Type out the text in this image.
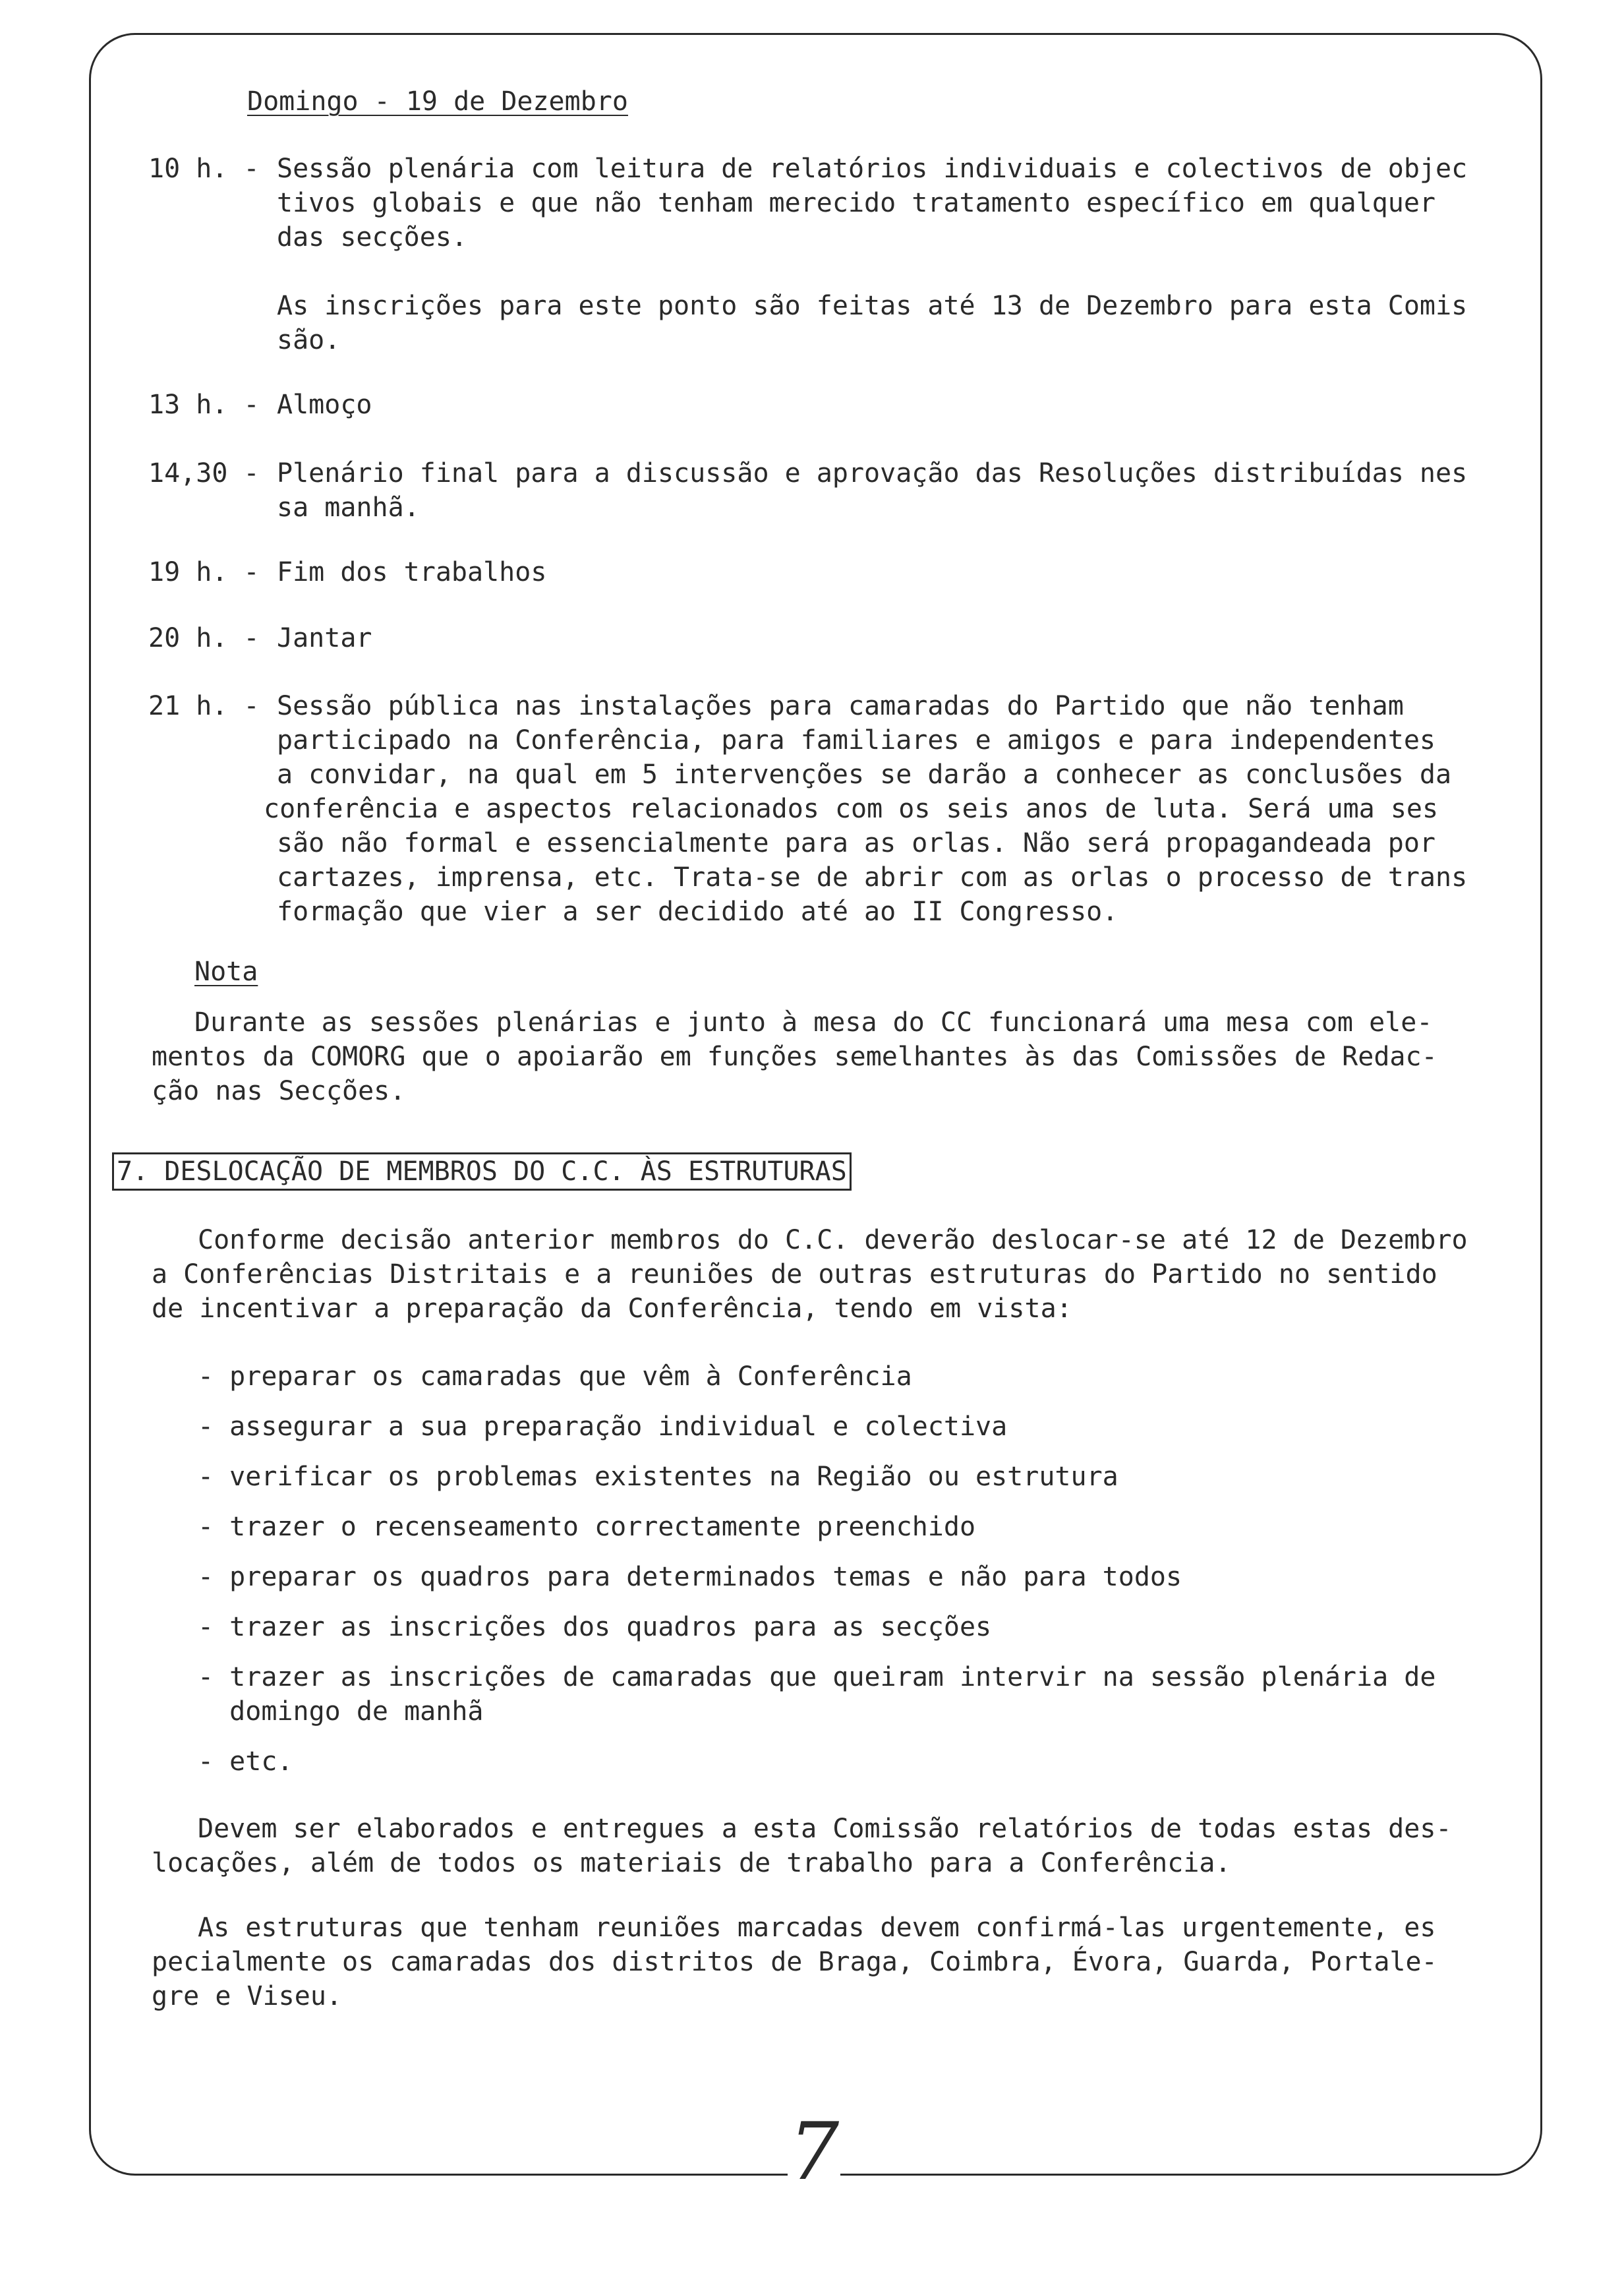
Domingo - 19 de Dezembro
10 h. - Sessão plenária com leitura de relatórios individuais e colectivos de objec
tivos globais e que não tenham merecido tratamento específico em qualquer
das secções.
As inscrições para este ponto são feitas até 13 de Dezembro para esta Comis
são.
13 h. - Almoço
14,30 - Plenário final para a discussão e aprovação das Resoluções distribuídas nes
sa manhã.
19 h. - Fim dos trabalhos
20 h. - Jantar
21 h. - Sessão pública nas instalações para camaradas do Partido que não tenham
participado na Conferência, para familiares e amigos e para independentes
a convidar, na qual em 5 intervenções se darão a conhecer as conclusões da
conferência e aspectos relacionados com os seis anos de luta. Será uma ses
são não formal e essencialmente para as orlas. Não será propagandeada por
cartazes, imprensa, etc. Trata-se de abrir com as orlas o processo de trans
formação que vier a ser decidido até ao II Congresso.
Nota
Durante as sessões plenárias e junto à mesa do CC funcionará uma mesa com ele-
mentos da COMORG que o apoiarão em funções semelhantes às das Comissões de Redac-
ção nas Secções.
7. DESLOCAÇÃO DE MEMBROS DO C.C. ÀS ESTRUTURAS
Conforme decisão anterior membros do C.C. deverão deslocar-se até 12 de Dezembro
a Conferências Distritais e a reuniões de outras estruturas do Partido no sentido
de incentivar a preparação da Conferência, tendo em vista:
- preparar os camaradas que vêm à Conferência
- assegurar a sua preparação individual e colectiva
- verificar os problemas existentes na Região ou estrutura
- trazer o recenseamento correctamente preenchido
- preparar os quadros para determinados temas e não para todos
- trazer as inscrições dos quadros para as secções
- trazer as inscrições de camaradas que queiram intervir na sessão plenária de
domingo de manhã
- etc.
Devem ser elaborados e entregues a esta Comissão relatórios de todas estas des-
locações, além de todos os materiais de trabalho para a Conferência.
As estruturas que tenham reuniões marcadas devem confirmá-las urgentemente, es
pecialmente os camaradas dos distritos de Braga, Coimbra, Évora, Guarda, Portale-
gre e Viseu.
7
